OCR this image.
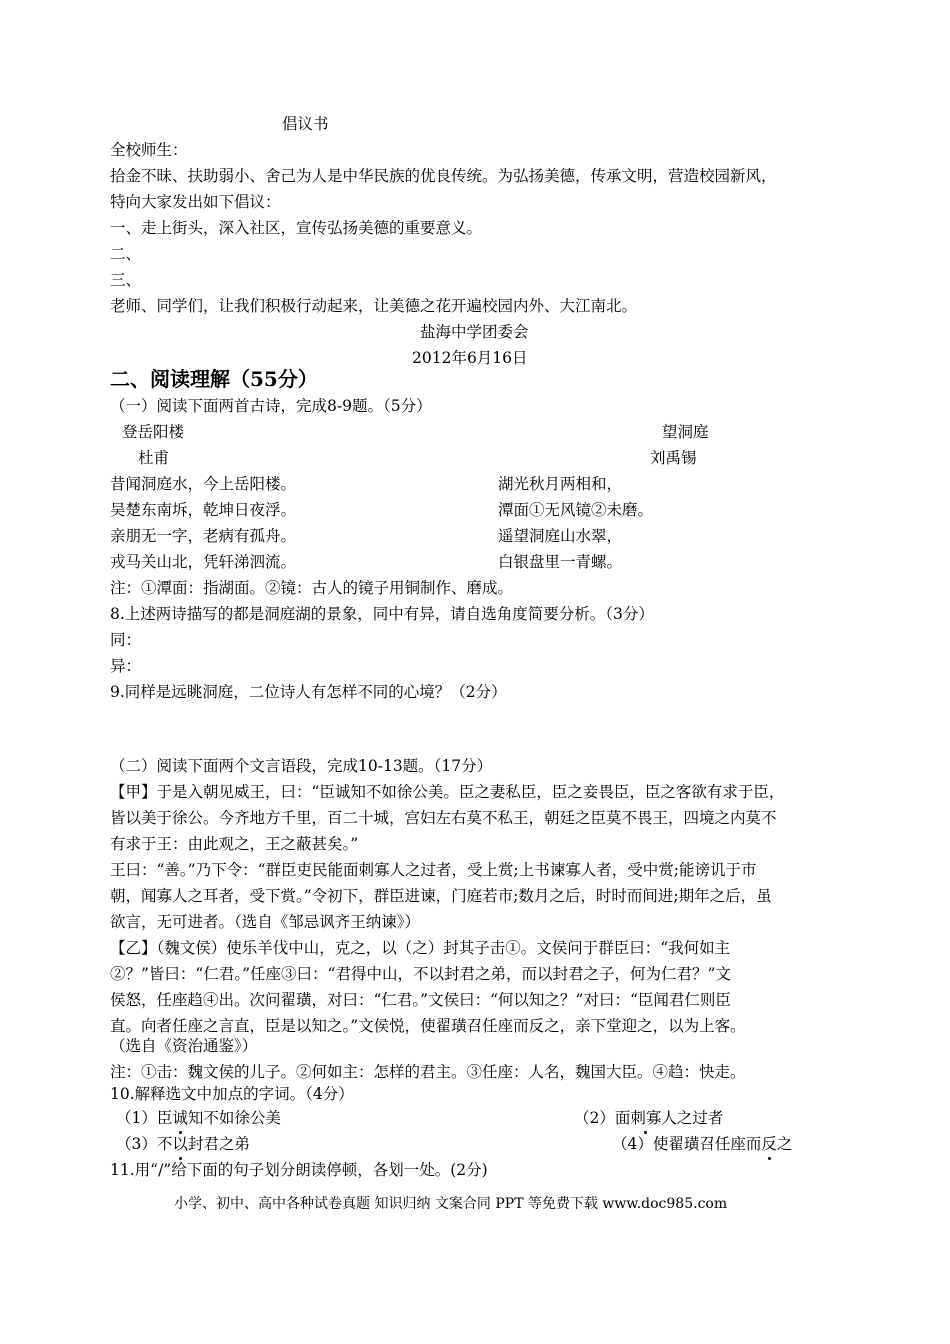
倡议书
全校师生：
拾金不昧、扶助弱小、舍己为人是中华民族的优良传统。为弘扬美德，传承文明，营造校园新风，
特向大家发出如下倡议：
一、走上街头，深入社区，宣传弘扬美德的重要意义。
二、
三、
老师、同学们，让我们积极行动起来，让美德之花开遍校园内外、大江南北。
盐海中学团委会
2012年6月16日
二、阅读理解（55分）
（一）阅读下面两首古诗，完成8-9题。（5分）
登岳阳楼	望洞庭
杜甫	刘禹锡
昔闻洞庭水，今上岳阳楼。	湖光秋月两相和，
吴楚东南坼，乾坤日夜浮。	潭面①无风镜②未磨。
亲朋无一字，老病有孤舟。	遥望洞庭山水翠，
戎马关山北，凭轩涕泗流。	白银盘里一青螺。
注：①潭面：指湖面。②镜：古人的镜子用铜制作、磨成。
8.上述两诗描写的都是洞庭湖的景象，同中有异，请自选角度简要分析。（3分）
同：
异：
9.同样是远眺洞庭，二位诗人有怎样不同的心境？（2分）
（二）阅读下面两个文言语段，完成10-13题。（17分）
【甲】于是入朝见威王，曰：“臣诚知不如徐公美。臣之妻私臣，臣之妾畏臣，臣之客欲有求于臣，
皆以美于徐公。今齐地方千里，百二十城，宫妇左右莫不私王，朝廷之臣莫不畏王，四境之内莫不
有求于王：由此观之，王之蔽甚矣。”
王曰：“善。”乃下令：“群臣吏民能面刺寡人之过者，受上赏;上书谏寡人者，受中赏;能谤讥于市
朝，闻寡人之耳者，受下赏。”令初下，群臣进谏，门庭若市;数月之后，时时而间进;期年之后，虽
欲言，无可进者。（选自《邹忌讽齐王纳谏》）
【乙】（魏文侯）使乐羊伐中山，克之，以（之）封其子击①。文侯问于群臣曰：“我何如主
②？”皆曰：“仁君。”任座③曰：“君得中山，不以封君之弟，而以封君之子，何为仁君？”文
侯怒，任座趋④出。次问翟璜，对曰：“仁君。”文侯曰：“何以知之？”对曰：“臣闻君仁则臣
直。向者任座之言直，臣是以知之。”文侯悦，使翟璜召任座而反之，亲下堂迎之，以为上客。
（选自《资治通鉴》）
注：①击：魏文侯的儿子。②何如主：怎样的君主。③任座：人名，魏国大臣。④趋：快走。
10.解释选文中加点的字词。（4分）
（1）臣诚知不如徐公美	（2）面刺寡人之过者
（3）不以封君之弟	（4）使翟璜召任座而反之
11.用“/”给下面的句子划分朗读停顿，各划一处。(2分)
小学、初中、高中各种试卷真题 知识归纳 文案合同 PPT 等免费下载 www.doc985.com
